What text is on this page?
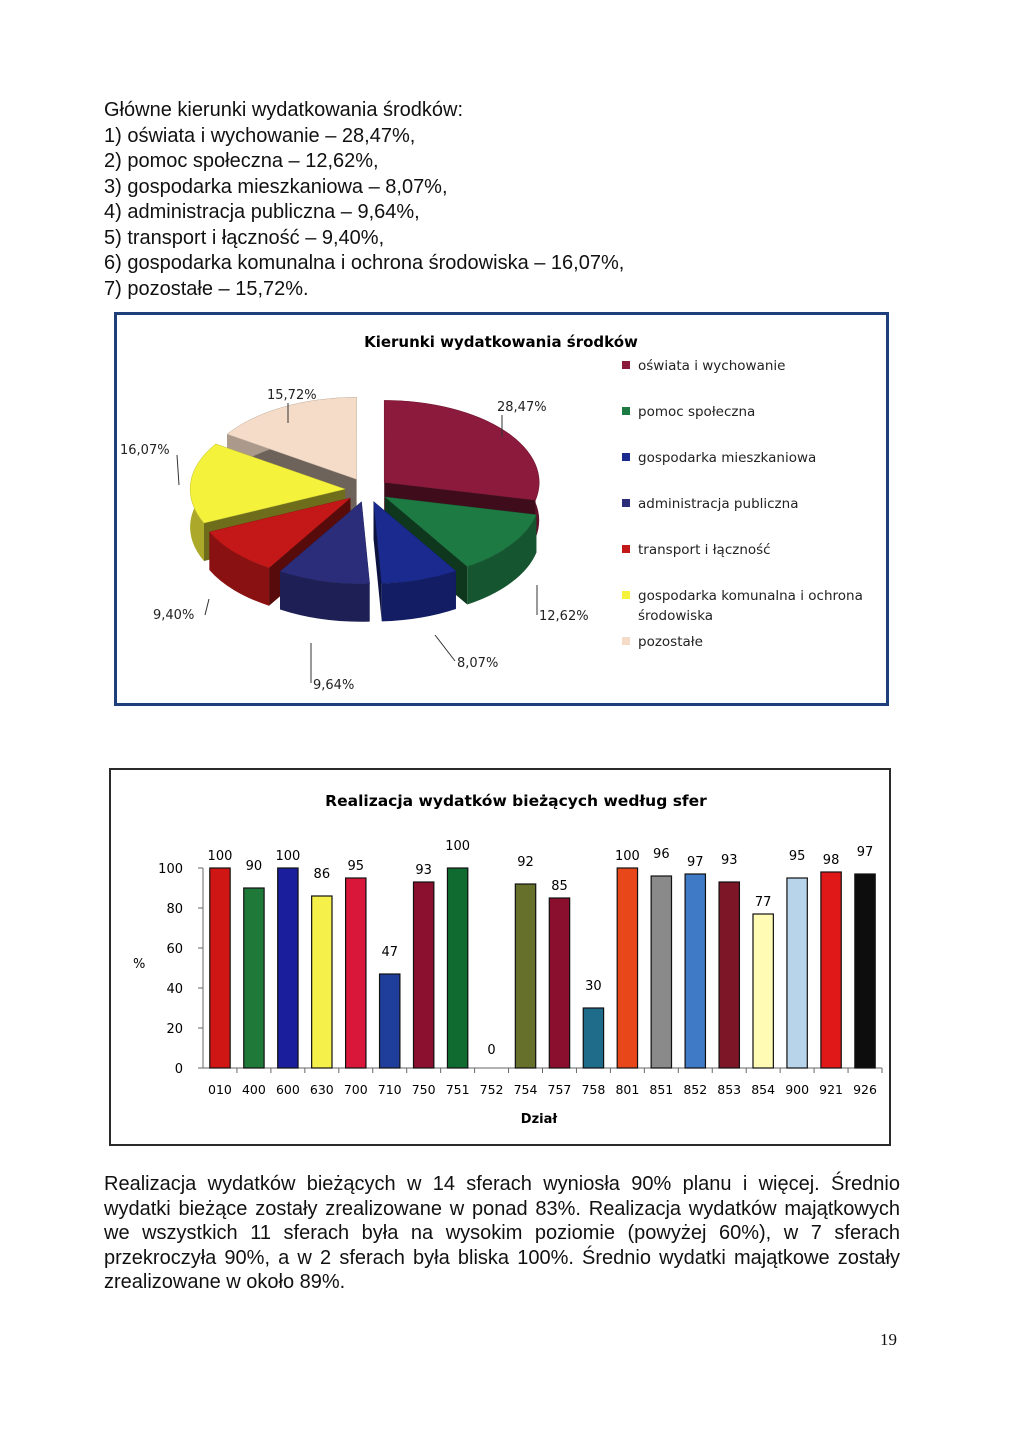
Główne kierunki wydatkowania środków:
1) oświata i wychowanie – 28,47%,
2) pomoc społeczna – 12,62%,
3) gospodarka mieszkaniowa – 8,07%,
4) administracja publiczna – 9,64%,
5) transport i łączność – 9,40%,
6) gospodarka komunalna i ochrona środowiska – 16,07%,
7) pozostałe – 15,72%.
Kierunki wydatkowania środków
28,47%
12,62%
8,07%
9,64%
9,40%
16,07%
15,72%
oświata i wychowanie
pomoc społeczna
gospodarka mieszkaniowa
administracja publiczna
transport i łączność
gospodarka komunalna i ochrona środowiska
pozostałe
Realizacja wydatków bieżących według sfer
0
20
40
60
80
100
%
100
010
90
400
100
600
86
630
95
700
47
710
93
750
100
751
0
752
92
754
85
757
30
758
100
801
96
851
97
852
93
853
77
854
95
900
98
921
97
926
Dział
Realizacja wydatków bieżących w 14 sferach wyniosła 90% planu i więcej. Średnio wydatki bieżące zostały zrealizowane w ponad 83%. Realizacja wydatków majątkowych we wszystkich 11 sferach była na wysokim poziomie (powyżej 60%), w 7 sferach przekroczyła 90%, a w 2 sferach była bliska 100%. Średnio wydatki majątkowe zostały zrealizowane w około 89%.
19
